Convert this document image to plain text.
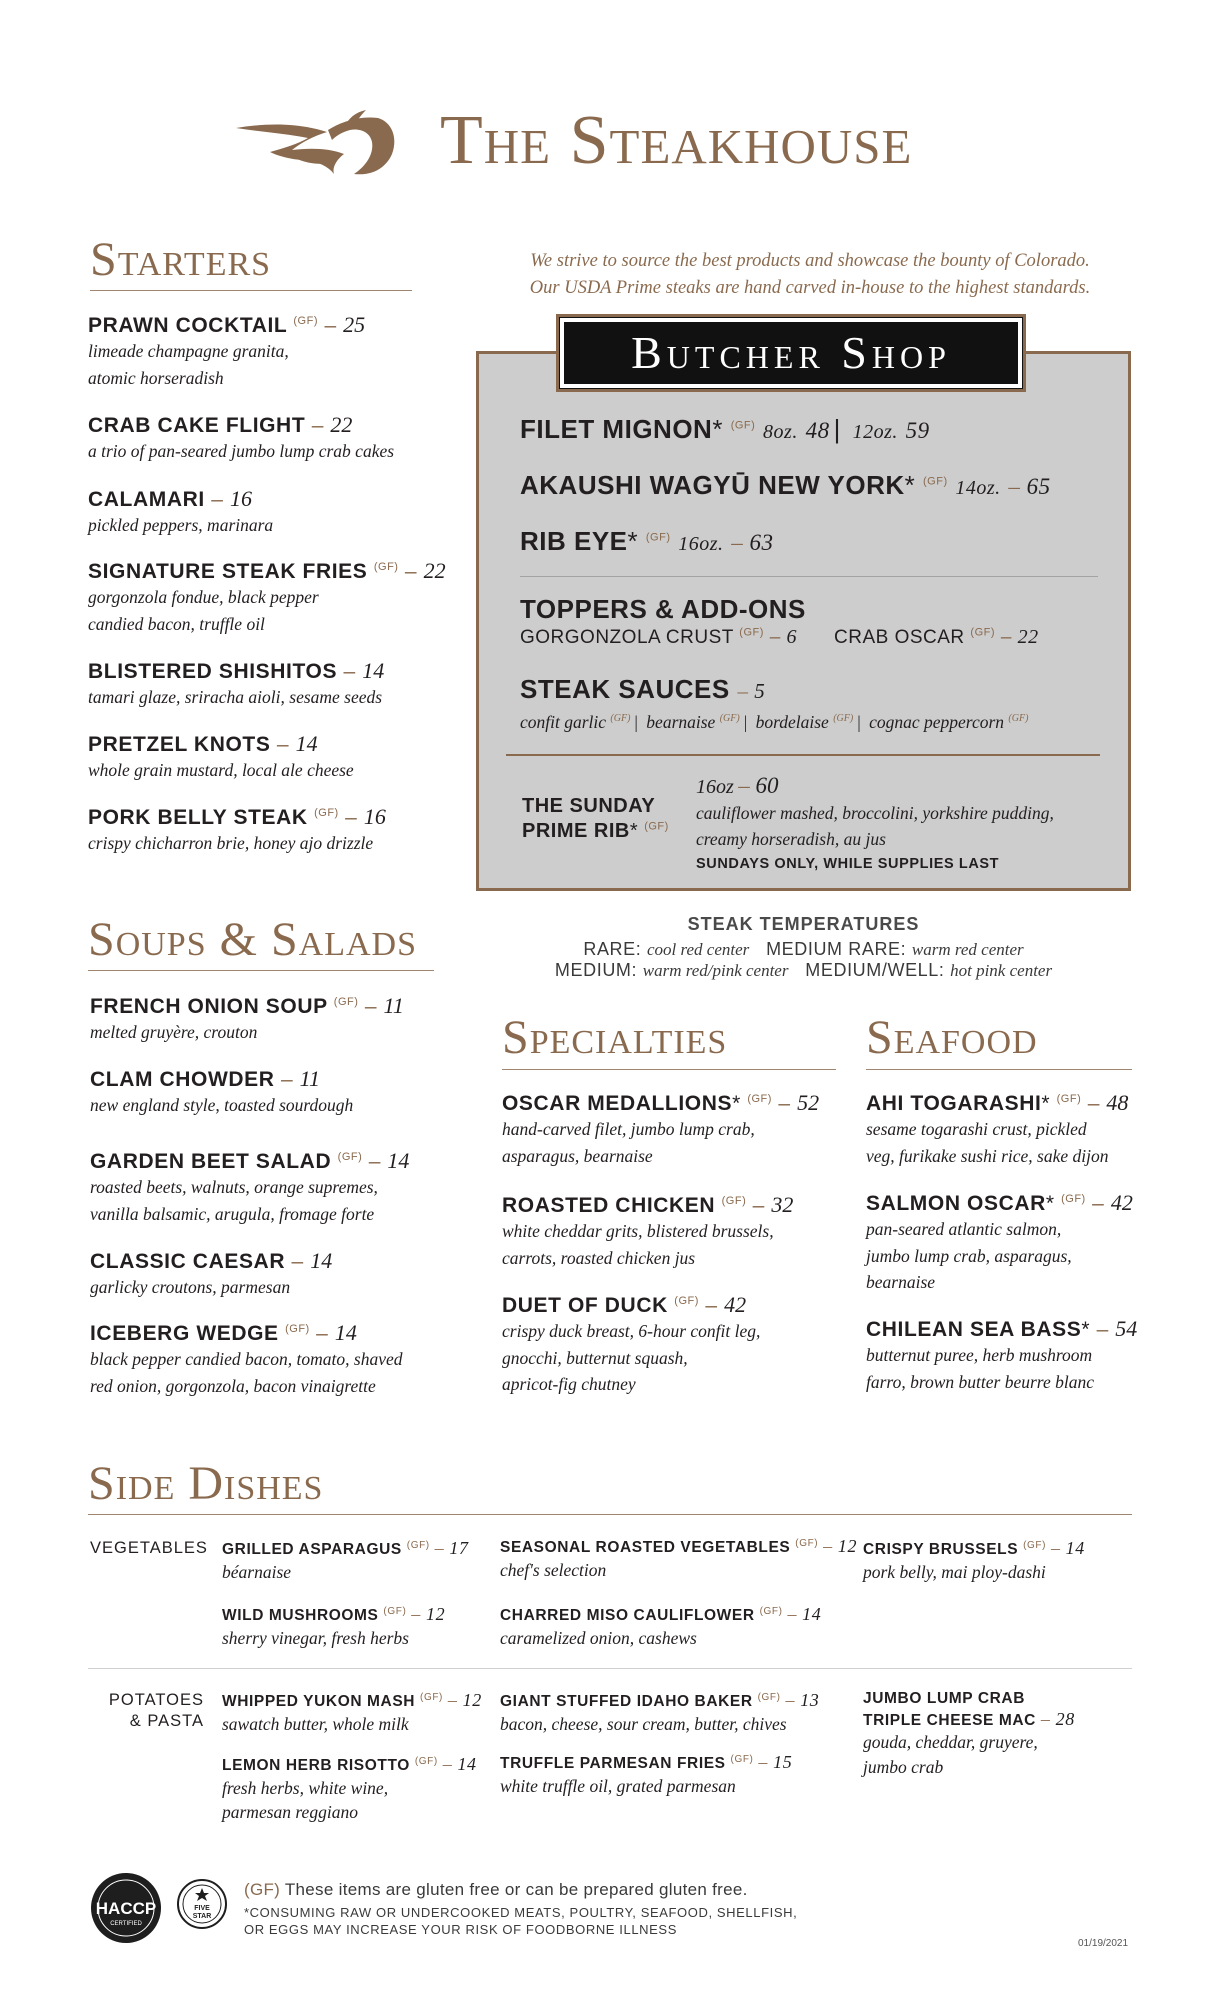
The Steakhouse
Starters
PRAWN COCKTAIL $^{(GF)}$ – 25
limeade champagne granita,
atomic horseradish
CRAB CAKE FLIGHT – 22
a trio of pan-seared jumbo lump crab cakes
CALAMARI – 16
pickled peppers, marinara
SIGNATURE STEAK FRIES $^{(GF)}$ – 22
gorgonzola fondue, black pepper
candied bacon, truffle oil
BLISTERED SHISHITOS – 14
tamari glaze, sriracha aioli, sesame seeds
PRETZEL KNOTS – 14
whole grain mustard, local ale cheese
PORK BELLY STEAK $^{(GF)}$ – 16
crispy chicharron brie, honey ajo drizzle
We strive to source the best products and showcase the bounty of Colorado.
Our USDA Prime steaks are hand carved in-house to the highest standards.
Butcher Shop
FILET MIGNON* $^{(GF)}$ 8oz. 48 | 12oz. 59
AKAUSHI WAGYŪ NEW YORK* $^{(GF)}$ 14oz. – 65
RIB EYE* $^{(GF)}$ 16oz. – 63
TOPPERS & ADD-ONS
GORGONZOLA CRUST $^{(GF)}$ – 6 CRAB OSCAR $^{(GF)}$ – 22
STEAK SAUCES – 5
confit garlic $^{(GF)}$ | bearnaise $^{(GF)}$ | bordelaise $^{(GF)}$ | cognac peppercorn $^{(GF)}$
THE SUNDAY
PRIME RIB* $^{(GF)}$
16oz – 60
cauliflower mashed, broccolini, yorkshire pudding,
creamy horseradish, au jus
SUNDAYS ONLY, WHILE SUPPLIES LAST
STEAK TEMPERATURES
RARE: cool red center MEDIUM RARE: warm red center
MEDIUM: warm red/pink center MEDIUM/WELL: hot pink center
Soups & Salads
FRENCH ONION SOUP $^{(GF)}$ – 11
melted gruyère, crouton
CLAM CHOWDER – 11
new england style, toasted sourdough
GARDEN BEET SALAD $^{(GF)}$ – 14
roasted beets, walnuts, orange supremes,
vanilla balsamic, arugula, fromage forte
CLASSIC CAESAR – 14
garlicky croutons, parmesan
ICEBERG WEDGE $^{(GF)}$ – 14
black pepper candied bacon, tomato, shaved
red onion, gorgonzola, bacon vinaigrette
Specialties
OSCAR MEDALLIONS* $^{(GF)}$ – 52
hand-carved filet, jumbo lump crab,
asparagus, bearnaise
ROASTED CHICKEN $^{(GF)}$ – 32
white cheddar grits, blistered brussels,
carrots, roasted chicken jus
DUET OF DUCK $^{(GF)}$ – 42
crispy duck breast, 6-hour confit leg,
gnocchi, butternut squash,
apricot-fig chutney
Seafood
AHI TOGARASHI* $^{(GF)}$ – 48
sesame togarashi crust, pickled
veg, furikake sushi rice, sake dijon
SALMON OSCAR* $^{(GF)}$ – 42
pan-seared atlantic salmon,
jumbo lump crab, asparagus,
bearnaise
CHILEAN SEA BASS* – 54
butternut puree, herb mushroom
farro, brown butter beurre blanc
Side Dishes
VEGETABLES GRILLED ASPARAGUS $^{(GF)}$ – 17
béarnaise
WILD MUSHROOMS $^{(GF)}$ – 12
sherry vinegar, fresh herbs
SEASONAL ROASTED VEGETABLES $^{(GF)}$ – 12
chef's selection
CHARRED MISO CAULIFLOWER $^{(GF)}$ – 14
caramelized onion, cashews
CRISPY BRUSSELS $^{(GF)}$ – 14
pork belly, mai ploy-dashi
POTATOES
& PASTA
WHIPPED YUKON MASH $^{(GF)}$ – 12
sawatch butter, whole milk
LEMON HERB RISOTTO $^{(GF)}$ – 14
fresh herbs, white wine,
parmesan reggiano
GIANT STUFFED IDAHO BAKER $^{(GF)}$ – 13
bacon, cheese, sour cream, butter, chives
TRUFFLE PARMESAN FRIES $^{(GF)}$ – 15
white truffle oil, grated parmesan
JUMBO LUMP CRAB
TRIPLE CHEESE MAC – 28
gouda, cheddar, gruyere,
jumbo crab
HACCP
CERTIFIED
FIVE
STAR
(GF) These items are gluten free or can be prepared gluten free.
*CONSUMING RAW OR UNDERCOOKED MEATS, POULTRY, SEAFOOD, SHELLFISH,
OR EGGS MAY INCREASE YOUR RISK OF FOODBORNE ILLNESS
01/19/2021
